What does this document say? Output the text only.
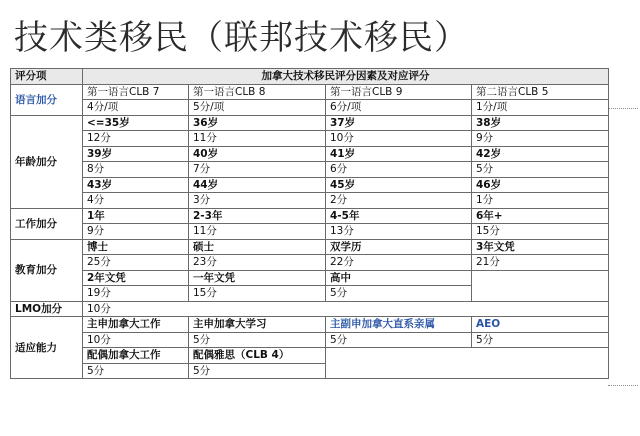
技术类移民（联邦技术移民）
评分项	加拿大技术移民评分因素及对应评分			
语言加分	第一语言CLB 7	第一语言CLB 8	第一语言CLB 9	第二语言CLB 5
	4分/项	5分/项	6分/项	1分/项
年龄加分	<=35岁	36岁	37岁	38岁
	12分	11分	10分	9分
	39岁	40岁	41岁	42岁
	8分	7分	6分	5分
	43岁	44岁	45岁	46岁
	4分	3分	2分	1分
工作加分	1年	2-3年	4-5年	6年+
	9分	11分	13分	15分
教育加分	博士	硕士	双学历	3年文凭
	25分	23分	22分	21分
	2年文凭	一年文凭	高中	
	19分	15分	5分	
LMO加分	10分			
适应能力	主申加拿大工作	主申加拿大学习	主副申加拿大直系亲属	AEO
	10分	5分	5分	5分
	配偶加拿大工作	配偶雅思（CLB 4）		
	5分	5分		
